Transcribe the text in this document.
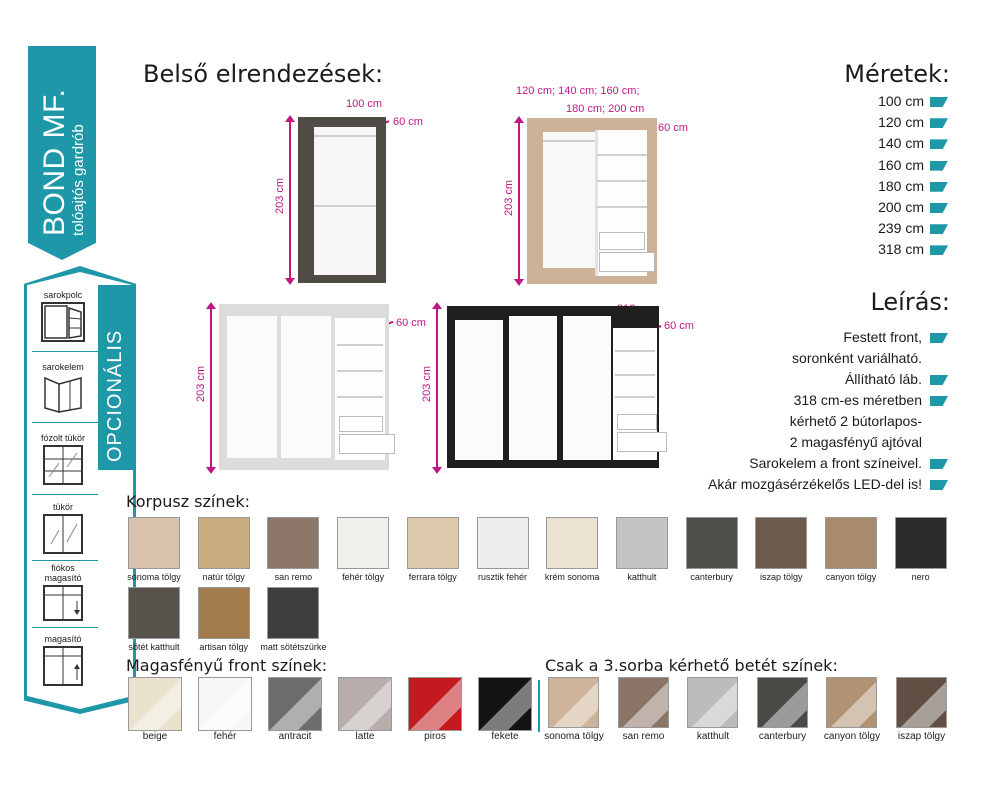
BOND MF. tolóajtós gardrób
OPCIONÁLIS
sarokpolc
sarokelem
fózolt tükör
tükör
fiókos magasító
magasító
Belső elrendezések:
100 cm
60 cm
203 cm
120 cm; 140 cm; 160 cm;
180 cm; 200 cm
60 cm
203 cm
60 cm
203 cm
60 cm
203 cm
Méretek:
100 cm
120 cm
140 cm
160 cm
180 cm
200 cm
239 cm
318 cm
Leírás:
Festett front,
soronként variálható.
Állítható láb.
318 cm-es méretben
kérhető 2 bútorlapos-
2 magasfényű ajtóval
Sarokelem a front színeivel.
Akár mozgásérzékelős LED-del is!
Korpusz színek:
sonoma tölgy	natúr tölgy	san remo	fehér tölgy	ferrara tölgy	rusztik fehér	krém sonoma	katthult	canterbury	iszap tölgy	canyon tölgy	nero
sötét katthult	artisan tölgy	matt sötétszürke
Magasfényű front színek:
beige	fehér	antracit	latte	piros	fekete
Csak a 3.sorba kérhető betét színek:
sonoma tölgy	san remo	katthult	canterbury	canyon tölgy	iszap tölgy
